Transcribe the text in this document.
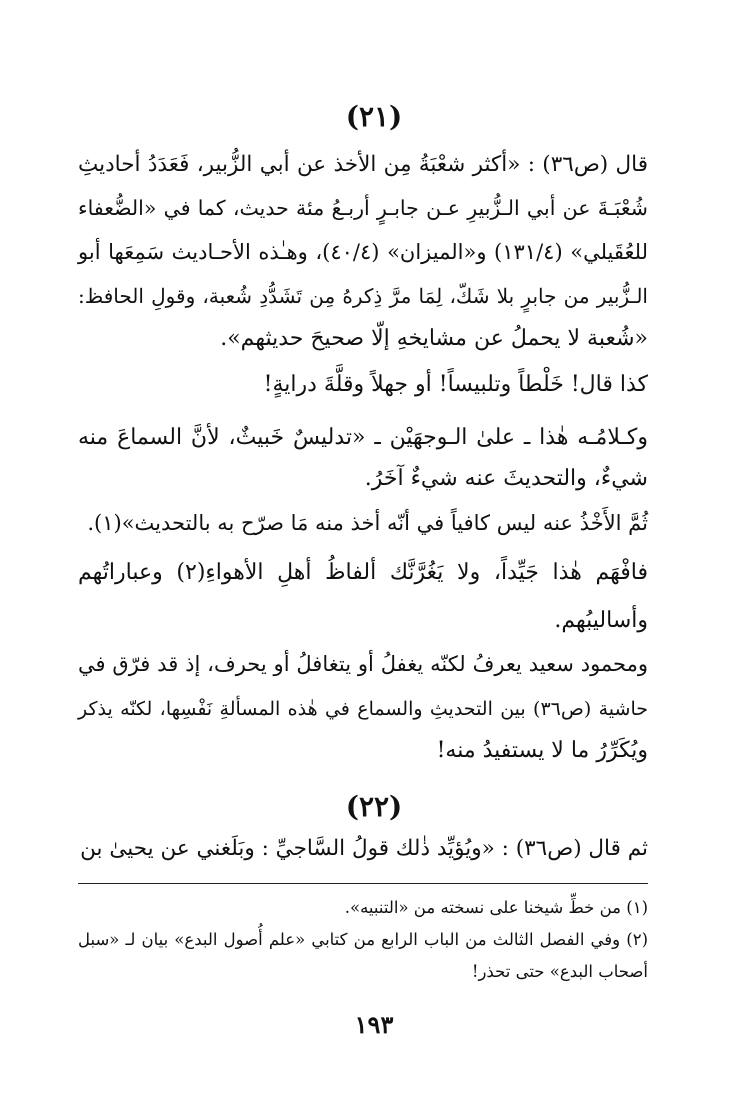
(٢١)
قال (ص٣٦) : «أكثر شعْبَةُ مِن الأخذ عن أبي الزُّبير، فَعَدَدُ أحاديثِ
شُعْبَـةَ عن أبي الـزُّبيرِ عـن جابـرٍ أربـعُ مئة حديث، كما في «الضُّعفاء
للعُقَيلي» (١٣١/٤) و«الميزان» (٤٠/٤)، وهـٰذه الأحـاديث سَمِعَها أبو
الـزُّبير من جابرٍ بلا شَكّ، لِمَا مرَّ ذِكرهُ مِن تَشَدُّدِ شُعبة، وقولِ الحافظ:
«شُعبة لا يحملُ عن مشايخهِ إلّا صحيحَ حديثهم».
كذا قال! خَلْطاً وتلبيساً! أو جهلاً وقلَّةَ درايةٍ!
وكـلامُـه هٰذا ـ علىٰ الـوجهَيْن ـ «تدليسٌ خَبيثٌ، لأنَّ السماعَ منه
شيءٌ، والتحديثَ عنه شيءٌ آخَرُ.
ثُمَّ الأَخْذُ عنه ليس كافياً في أنّه أخذ منه مَا صرّح به بالتحديث»(١).
فافْهَم هٰذا جَيِّداً، ولا يَغُرَّنَّك ألفاظُ أهلِ الأهواءِ(٢) وعباراتُهم
وأساليبُهم.
ومحمود سعيد يعرفُ لكنّه يغفلُ أو يتغافلُ أو يحرف، إذ قد فرّق في
حاشية (ص٣٦) بين التحديثِ والسماع في هٰذه المسألةِ نَفْسِها، لكنّه يذكر
ويُكَرِّرُ ما لا يستفيدُ منه!
(٢٢)
ثم قال (ص٣٦) : «ويُؤيِّد ذٰلك قولُ السَّاجيِّ : وبَلَغني عن يحيىٰ بن
(١) من خطِّ شيخنا على نسخته من «التنبيه».
(٢) وفي الفصل الثالث من الباب الرابع من كتابي «علم أُصول البدع» بيان لـ «سبل
أصحاب البدع» حتى تحذر!
١٩٣
